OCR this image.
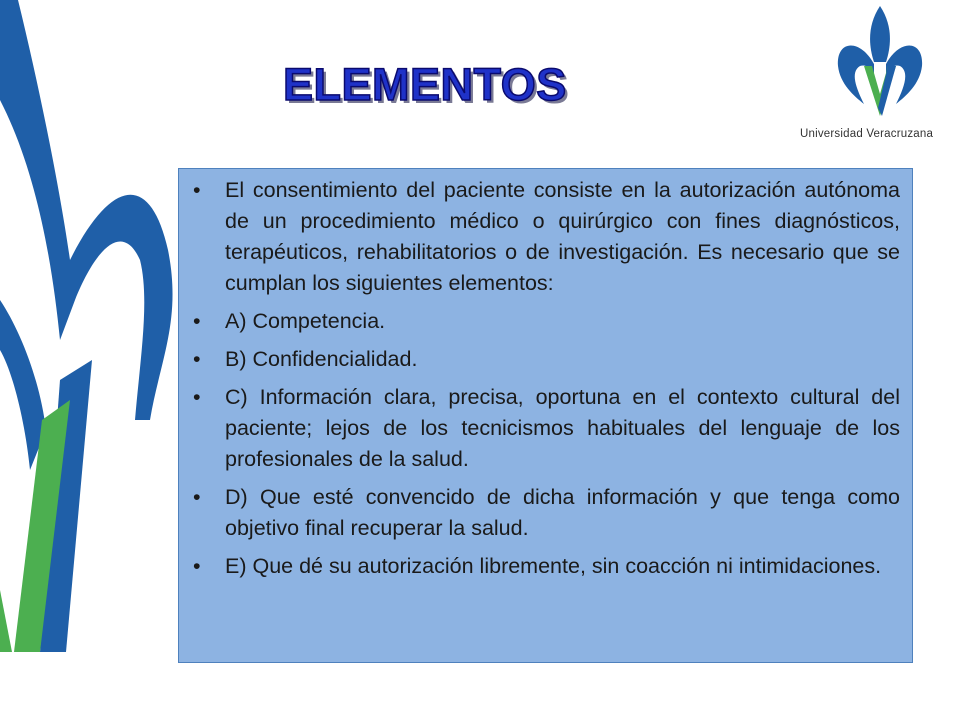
ELEMENTOS
Universidad Veracruzana
• El consentimiento del paciente consiste en la autorización autónoma de un procedimiento médico o quirúrgico con fines diagnósticos, terapéuticos, rehabilitatorios o de investigación. Es necesario que se cumplan los siguientes elementos:
• A) Competencia.
• B) Confidencialidad.
• C) Información clara, precisa, oportuna en el contexto cultural del paciente; lejos de los tecnicismos habituales del lenguaje de los profesionales de la salud.
• D) Que esté convencido de dicha información y que tenga como objetivo final recuperar la salud.
• E) Que dé su autorización libremente, sin coacción ni intimidaciones.
